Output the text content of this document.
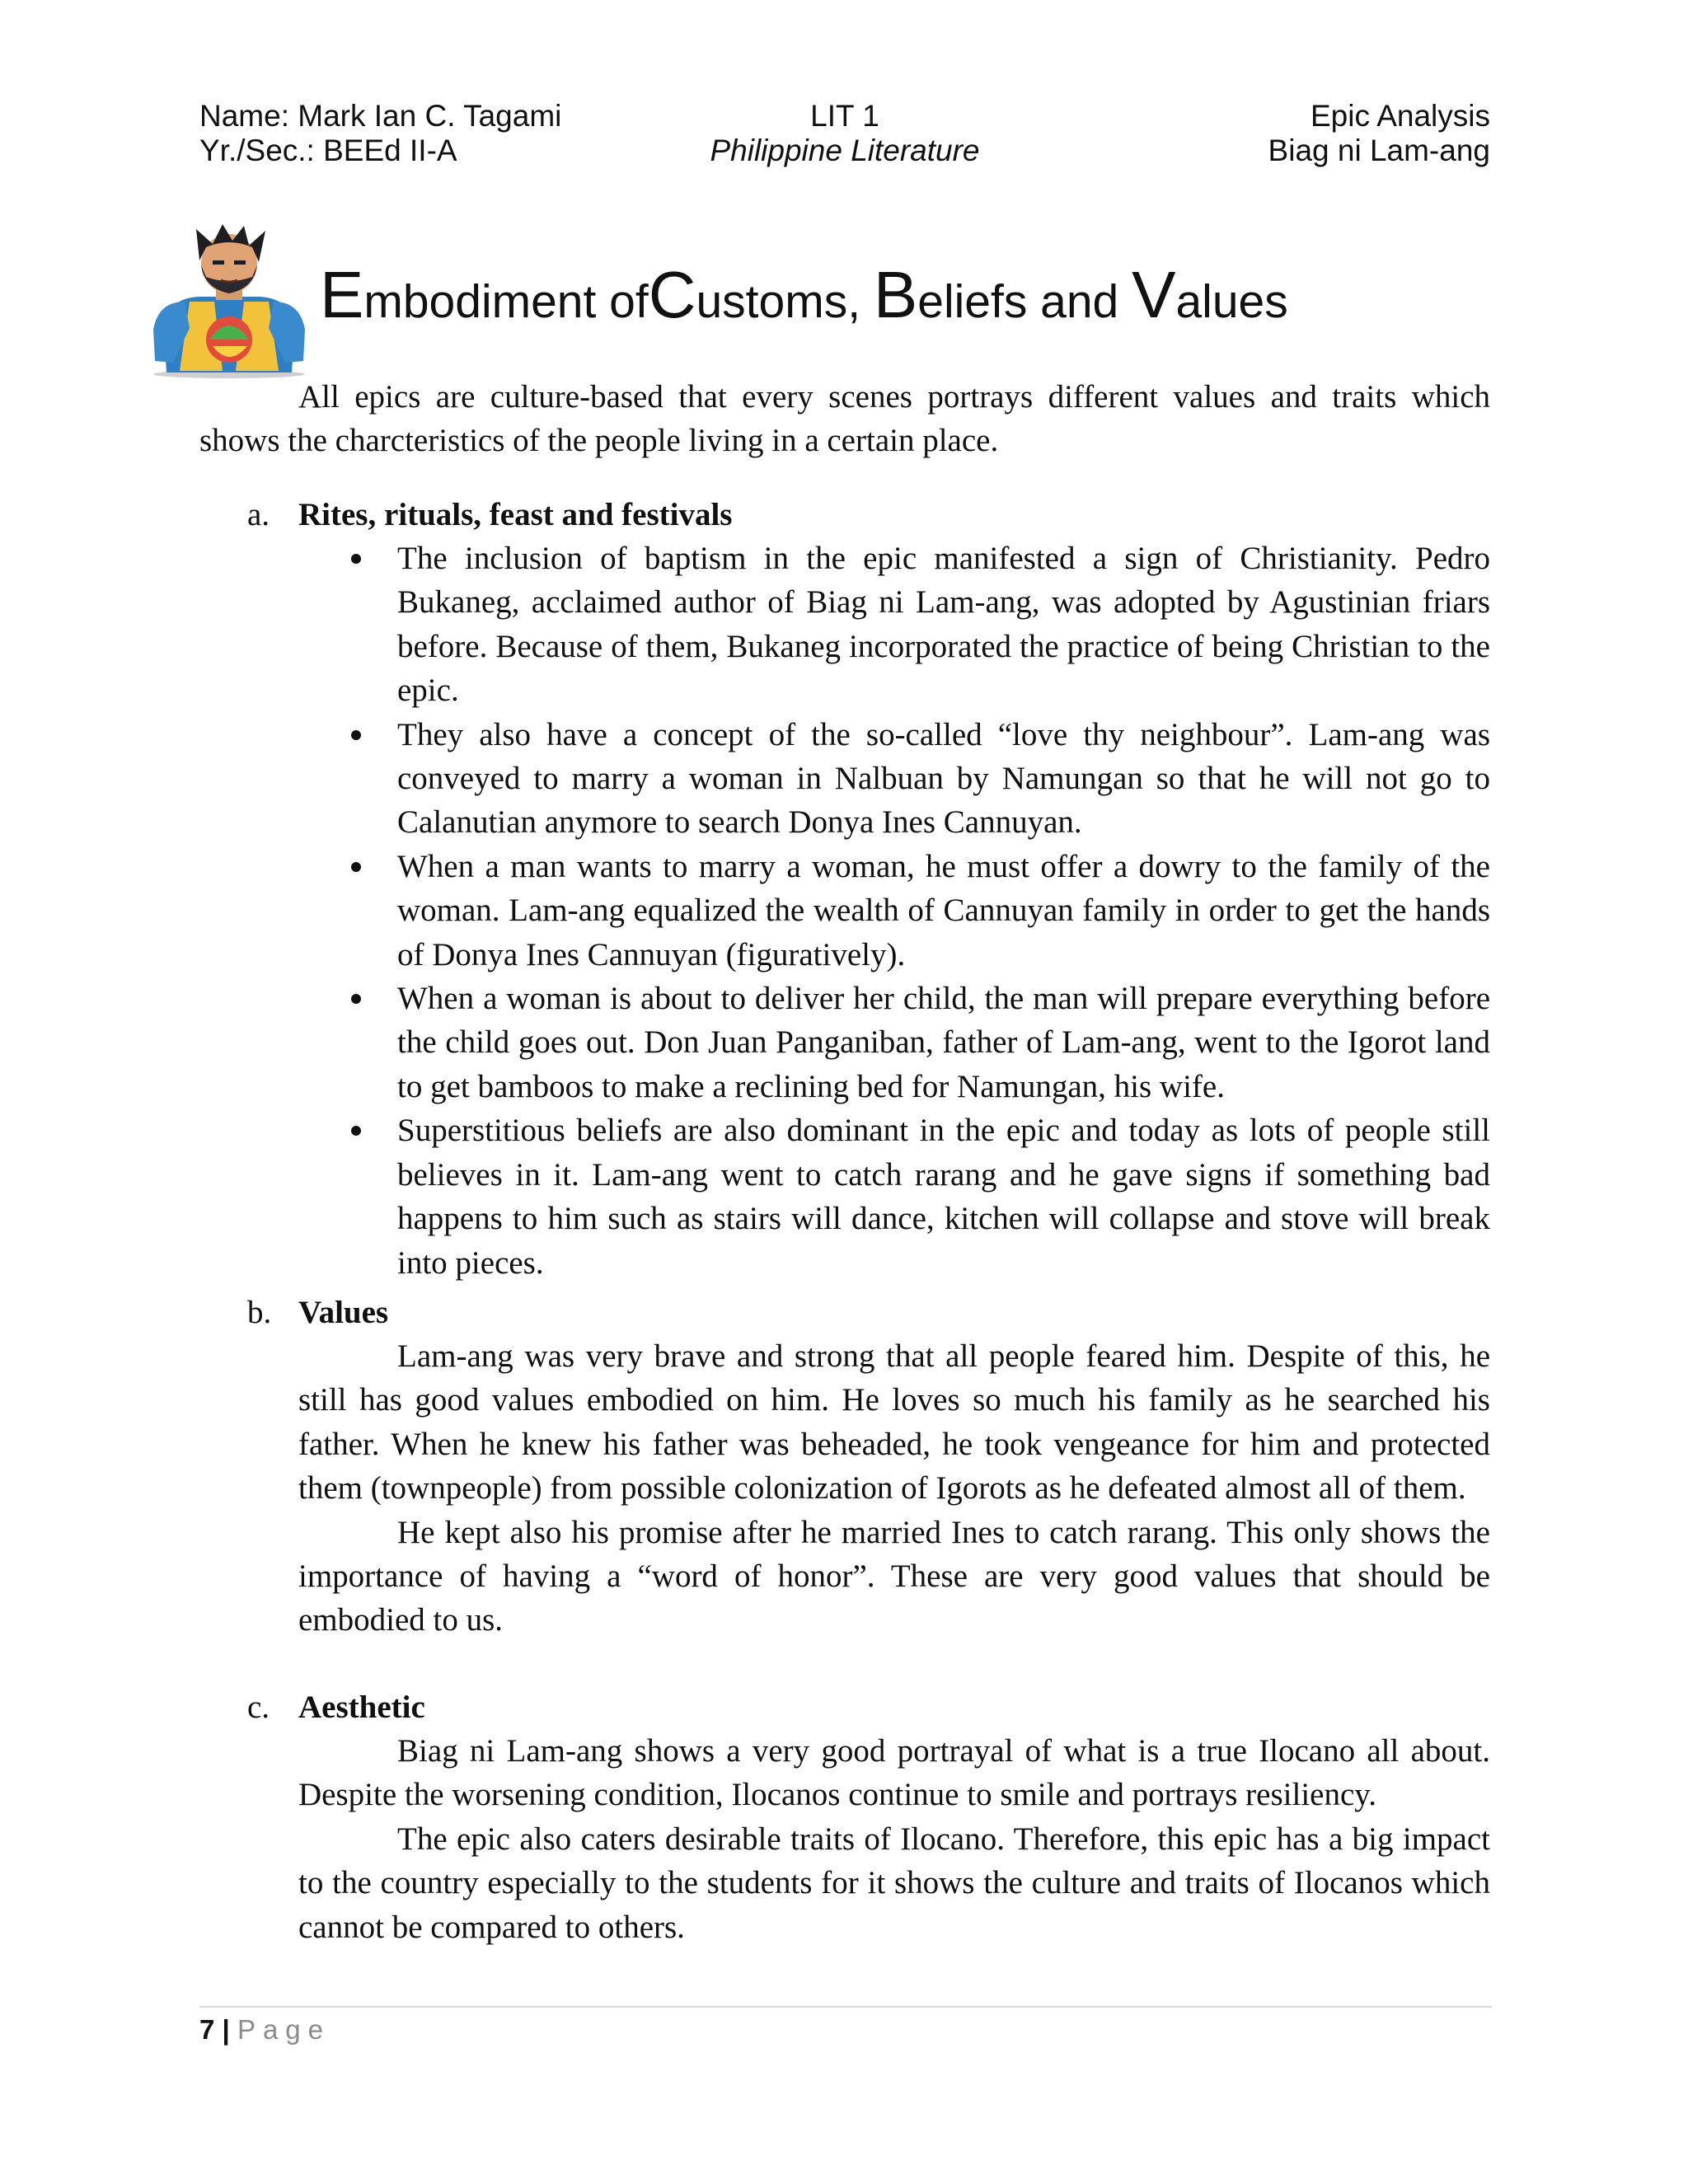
Name: Mark Ian C. Tagami
Yr./Sec.: BEEd II-A
LIT 1
Philippine Literature
Epic Analysis
Biag ni Lam-ang
Embodiment ofCustoms, Beliefs and Values

All epics are culture-based that every scenes portrays different values and traits which shows the charcteristics of the people living in a certain place.

a. Rites, rituals, feast and festivals
The inclusion of baptism in the epic manifested a sign of Christianity. Pedro Bukaneg, acclaimed author of Biag ni Lam-ang, was adopted by Agustinian friars before. Because of them, Bukaneg incorporated the practice of being Christian to the epic.
They also have a concept of the so-called “love thy neighbour”. Lam-ang was conveyed to marry a woman in Nalbuan by Namungan so that he will not go to Calanutian anymore to search Donya Ines Cannuyan.
When a man wants to marry a woman, he must offer a dowry to the family of the woman. Lam-ang equalized the wealth of Cannuyan family in order to get the hands of Donya Ines Cannuyan (figuratively).
When a woman is about to deliver her child, the man will prepare everything before the child goes out. Don Juan Panganiban, father of Lam-ang, went to the Igorot land to get bamboos to make a reclining bed for Namungan, his wife.
Superstitious beliefs are also dominant in the epic and today as lots of people still believes in it. Lam-ang went to catch rarang and he gave signs if something bad happens to him such as stairs will dance, kitchen will collapse and stove will break into pieces.
b. Values

Lam-ang was very brave and strong that all people feared him. Despite of this, he still has good values embodied on him. He loves so much his family as he searched his father. When he knew his father was beheaded, he took vengeance for him and protected them (townpeople) from possible colonization of Igorots as he defeated almost all of them.

He kept also his promise after he married Ines to catch rarang. This only shows the importance of having a “word of honor”. These are very good values that should be embodied to us.

c. Aesthetic

Biag ni Lam-ang shows a very good portrayal of what is a true Ilocano all about. Despite the worsening condition, Ilocanos continue to smile and portrays resiliency.

The epic also caters desirable traits of Ilocano. Therefore, this epic has a big impact to the country especially to the students for it shows the culture and traits of Ilocanos which cannot be compared to others.

7 | Page
